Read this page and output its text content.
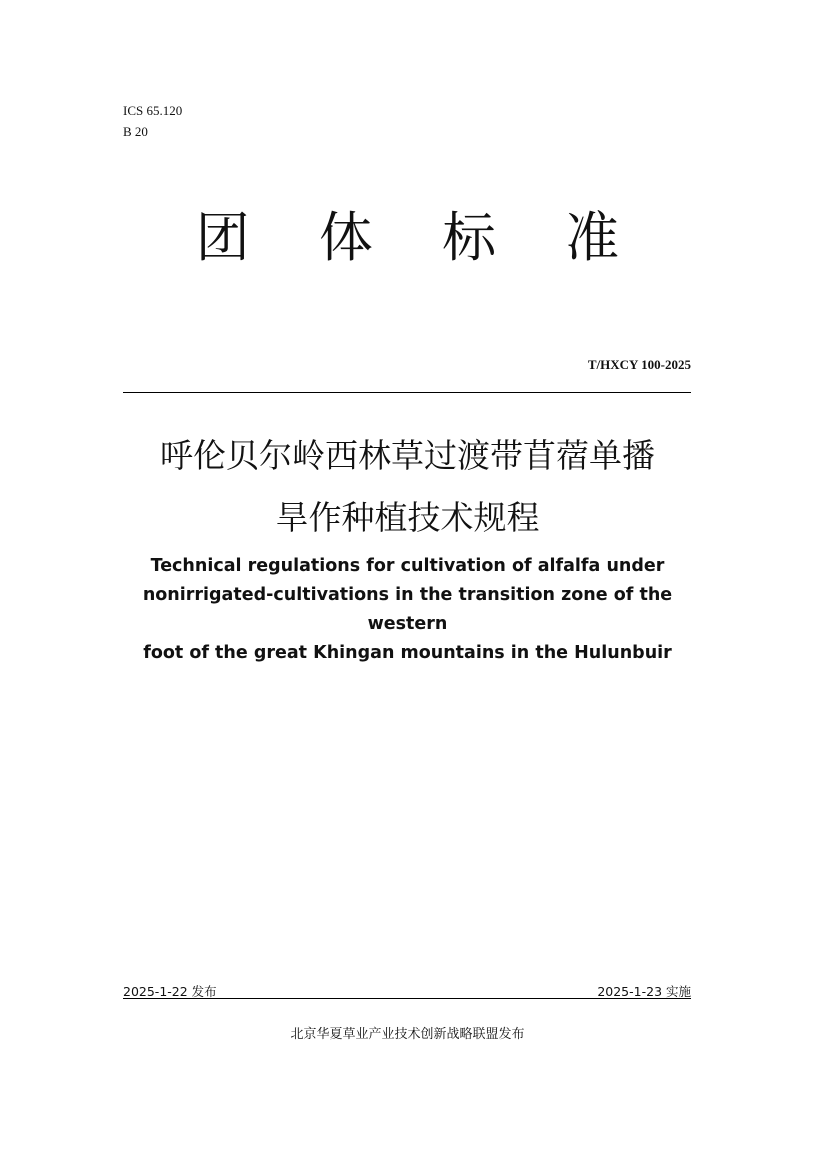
ICS 65.120
B 20
团 体 标 准
T/HXCY 100-2025
呼伦贝尔岭西林草过渡带苜蓿单播
旱作种植技术规程
Technical regulations for cultivation of alfalfa under
nonirrigated-cultivations in the transition zone of the western
foot of the great Khingan mountains in the Hulunbuir
2025-1-22 发布	2025-1-23 实施
北京华夏草业产业技术创新战略联盟发布
